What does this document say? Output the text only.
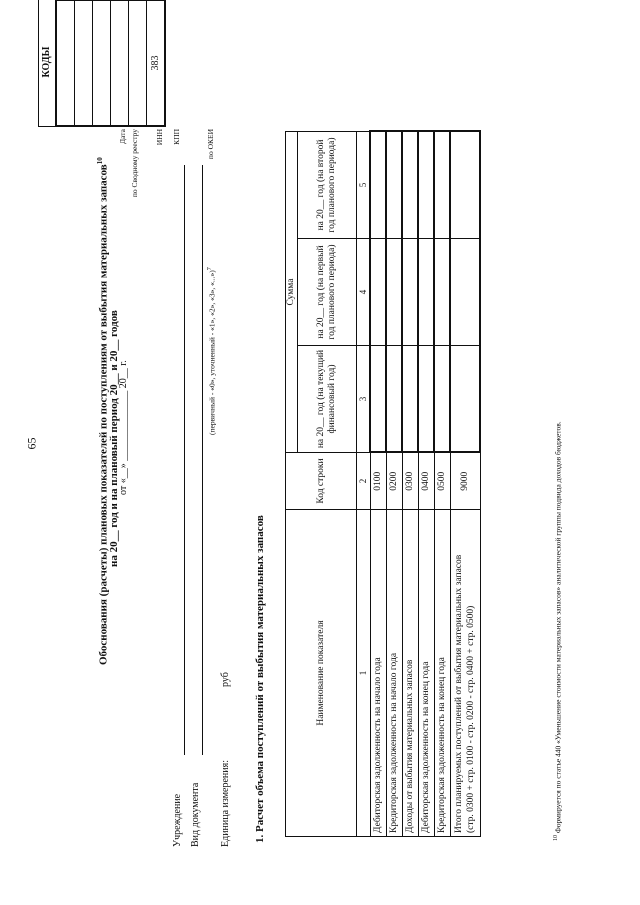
65	Обоснования (расчеты) плановых показателей по поступлениям от выбытия материальных запасов$^{10}$
на 20__ год и на плановый период 20__ и 20__ годов
от «__» ______________ 20__ г.
Дата по Сводному реестру ИНН КПП	по ОКЕИ
КОДЫ	383
Учреждение Вид документа
(первичный - «0», уточненный - «1», «2», «3», «...»)$^7$
Единица измерения:
руб 1. Расчет объема поступлений от выбытия материальных запасов	Наименование показателя	Код строки	Сумма		
		на 20__ год (на текущий финансовый год)	на 20__ год (на первый год планового периода)	на 20__ год (на второй год планового периода)
1	2	3	4	5
Дебиторская задолженность на начало года	0100			
Кредиторская задолженность на начало года	0200			
Доходы от выбытия материальных запасов	0300			
Дебиторская задолженность на конец года	0400			
Кредиторская задолженность на конец года	0500			

Итого планируемых поступлений от выбытия материальных запасов (стр. 0300 + стр. 0100 - стр. 0200 - стр. 0400 + стр. 0500)	9000			
$^{10}$ Формируется по статье 440 «Уменьшение стоимости материальных запасов» аналитической группы подвида доходов бюджетов.
